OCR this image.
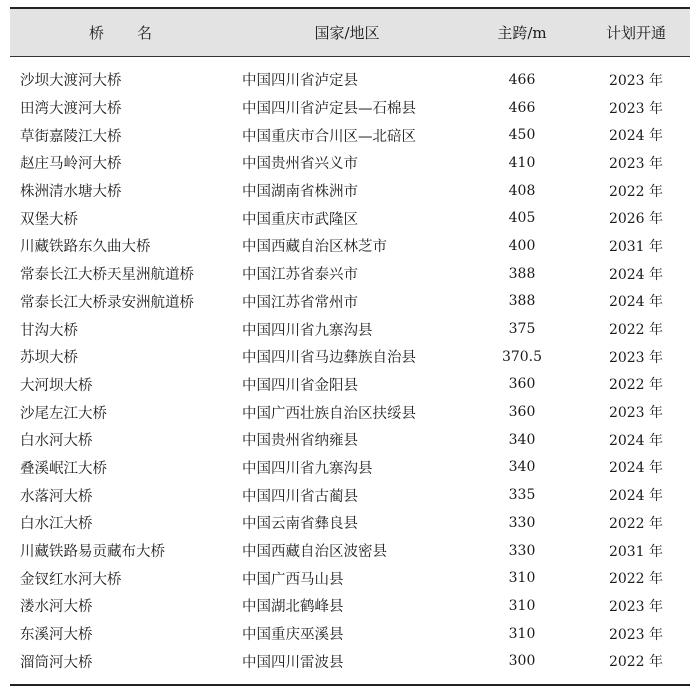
桥　　名	国家/地区	主跨/m	计划开通
沙坝大渡河大桥	中国四川省泸定县	466	2023 年
田湾大渡河大桥	中国四川省泸定县—石棉县	466	2023 年
草街嘉陵江大桥	中国重庆市合川区—北碚区	450	2024 年
赵庄马岭河大桥	中国贵州省兴义市	410	2023 年
株洲清水塘大桥	中国湖南省株洲市	408	2022 年
双堡大桥	中国重庆市武隆区	405	2026 年
川藏铁路东久曲大桥	中国西藏自治区林芝市	400	2031 年
常泰长江大桥天星洲航道桥	中国江苏省泰兴市	388	2024 年
常泰长江大桥录安洲航道桥	中国江苏省常州市	388	2024 年
甘沟大桥	中国四川省九寨沟县	375	2022 年
苏坝大桥	中国四川省马边彝族自治县	370.5	2023 年
大河坝大桥	中国四川省金阳县	360	2022 年
沙尾左江大桥	中国广西壮族自治区扶绥县	360	2023 年
白水河大桥	中国贵州省纳雍县	340	2024 年
叠溪岷江大桥	中国四川省九寨沟县	340	2024 年
水落河大桥	中国四川省古蔺县	335	2024 年
白水江大桥	中国云南省彝良县	330	2022 年
川藏铁路易贡藏布大桥	中国西藏自治区波密县	330	2031 年
金钗红水河大桥	中国广西马山县	310	2022 年
溇水河大桥	中国湖北鹤峰县	310	2023 年
东溪河大桥	中国重庆巫溪县	310	2023 年
溜筒河大桥	中国四川雷波县	300	2022 年
